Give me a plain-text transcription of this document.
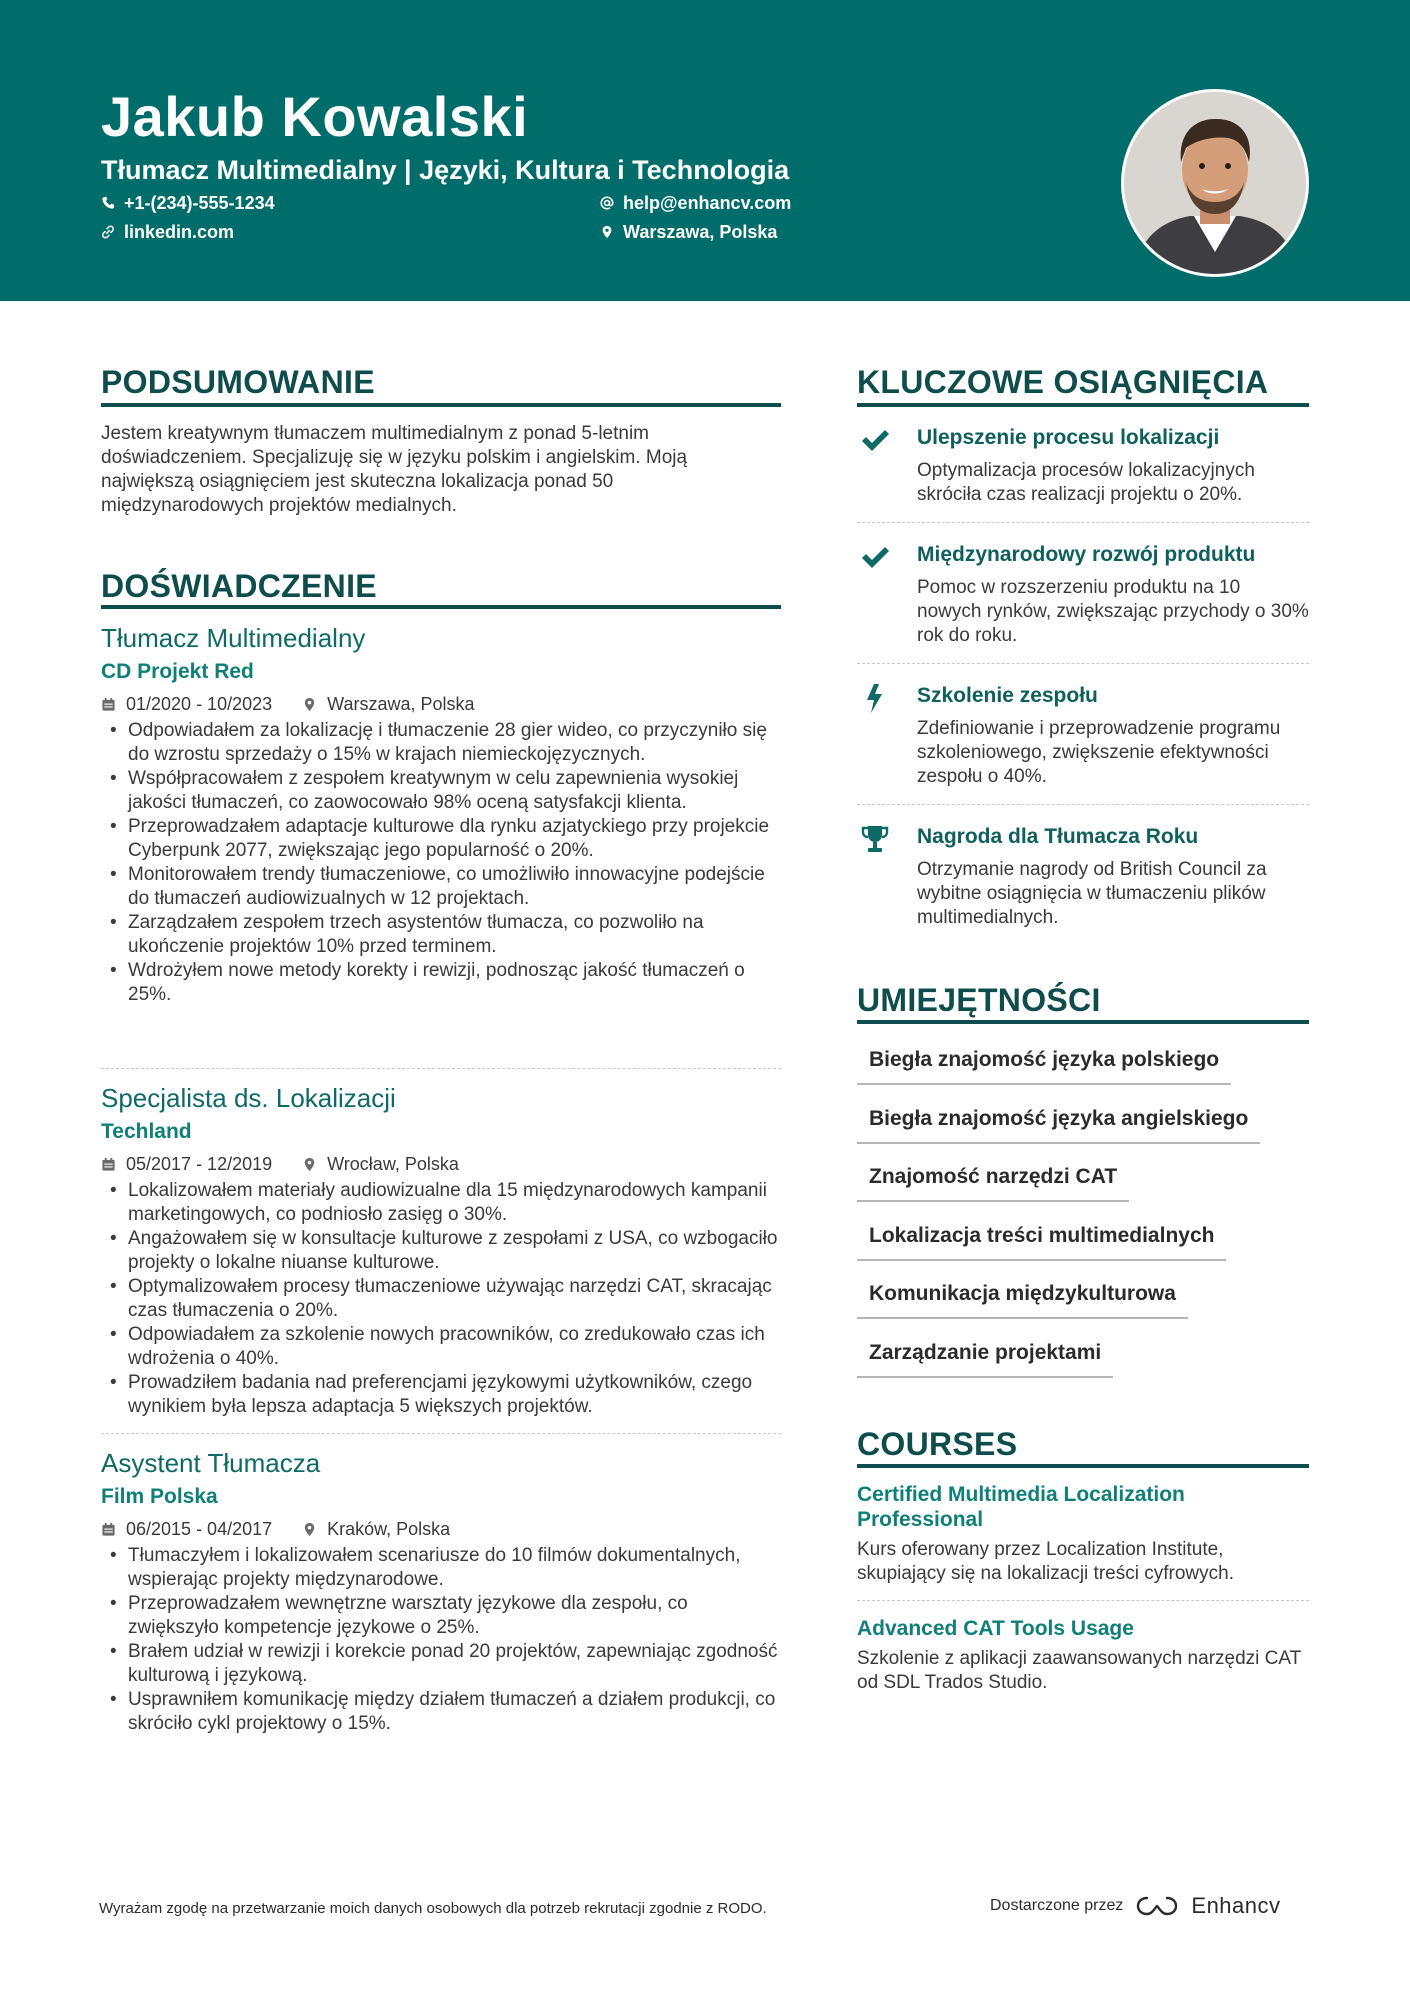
Jakub Kowalski
Tłumacz Multimedialny | Języki, Kultura i Technologia
+1-(234)-555-1234	help@enhancv.com
linkedin.com	Warszawa, Polska
PODSUMOWANIE
Jestem kreatywnym tłumaczem multimedialnym z ponad 5-letnim doświadczeniem. Specjalizuję się w języku polskim i angielskim. Moją największą osiągnięciem jest skuteczna lokalizacja ponad 50 międzynarodowych projektów medialnych.
DOŚWIADCZENIE
Tłumacz Multimedialny
CD Projekt Red
01/2020 - 10/2023	Warszawa, Polska
• Odpowiadałem za lokalizację i tłumaczenie 28 gier wideo, co przyczyniło się do wzrostu sprzedaży o 15% w krajach niemieckojęzycznych.
• Współpracowałem z zespołem kreatywnym w celu zapewnienia wysokiej jakości tłumaczeń, co zaowocowało 98% oceną satysfakcji klienta.
• Przeprowadzałem adaptacje kulturowe dla rynku azjatyckiego przy projekcie Cyberpunk 2077, zwiększając jego popularność o 20%.
• Monitorowałem trendy tłumaczeniowe, co umożliwiło innowacyjne podejście do tłumaczeń audiowizualnych w 12 projektach.
• Zarządzałem zespołem trzech asystentów tłumacza, co pozwoliło na ukończenie projektów 10% przed terminem.
• Wdrożyłem nowe metody korekty i rewizji, podnosząc jakość tłumaczeń o 25%.
Specjalista ds. Lokalizacji
Techland
05/2017 - 12/2019	Wrocław, Polska
• Lokalizowałem materiały audiowizualne dla 15 międzynarodowych kampanii marketingowych, co podniosło zasięg o 30%.
• Angażowałem się w konsultacje kulturowe z zespołami z USA, co wzbogaciło projekty o lokalne niuanse kulturowe.
• Optymalizowałem procesy tłumaczeniowe używając narzędzi CAT, skracając czas tłumaczenia o 20%.
• Odpowiadałem za szkolenie nowych pracowników, co zredukowało czas ich wdrożenia o 40%.
• Prowadziłem badania nad preferencjami językowymi użytkowników, czego wynikiem była lepsza adaptacja 5 większych projektów.
Asystent Tłumacza
Film Polska
06/2015 - 04/2017	Kraków, Polska
• Tłumaczyłem i lokalizowałem scenariusze do 10 filmów dokumentalnych, wspierając projekty międzynarodowe.
• Przeprowadzałem wewnętrzne warsztaty językowe dla zespołu, co zwiększyło kompetencje językowe o 25%.
• Brałem udział w rewizji i korekcie ponad 20 projektów, zapewniając zgodność kulturową i językową.
• Usprawniłem komunikację między działem tłumaczeń a działem produkcji, co skróciło cykl projektowy o 15%.
KLUCZOWE OSIĄGNIĘCIA
Ulepszenie procesu lokalizacji
Optymalizacja procesów lokalizacyjnych skróciła czas realizacji projektu o 20%.
Międzynarodowy rozwój produktu
Pomoc w rozszerzeniu produktu na 10 nowych rynków, zwiększając przychody o 30% rok do roku.
Szkolenie zespołu
Zdefiniowanie i przeprowadzenie programu szkoleniowego, zwiększenie efektywności zespołu o 40%.
Nagroda dla Tłumacza Roku
Otrzymanie nagrody od British Council za wybitne osiągnięcia w tłumaczeniu plików multimedialnych.
UMIEJĘTNOŚCI
Biegła znajomość języka polskiego
Biegła znajomość języka angielskiego
Znajomość narzędzi CAT
Lokalizacja treści multimedialnych
Komunikacja międzykulturowa
Zarządzanie projektami
COURSES
Certified Multimedia Localization Professional
Kurs oferowany przez Localization Institute, skupiający się na lokalizacji treści cyfrowych.
Advanced CAT Tools Usage
Szkolenie z aplikacji zaawansowanych narzędzi CAT od SDL Trados Studio.
Wyrażam zgodę na przetwarzanie moich danych osobowych dla potrzeb rekrutacji zgodnie z RODO.	Dostarczone przez	Enhancv
